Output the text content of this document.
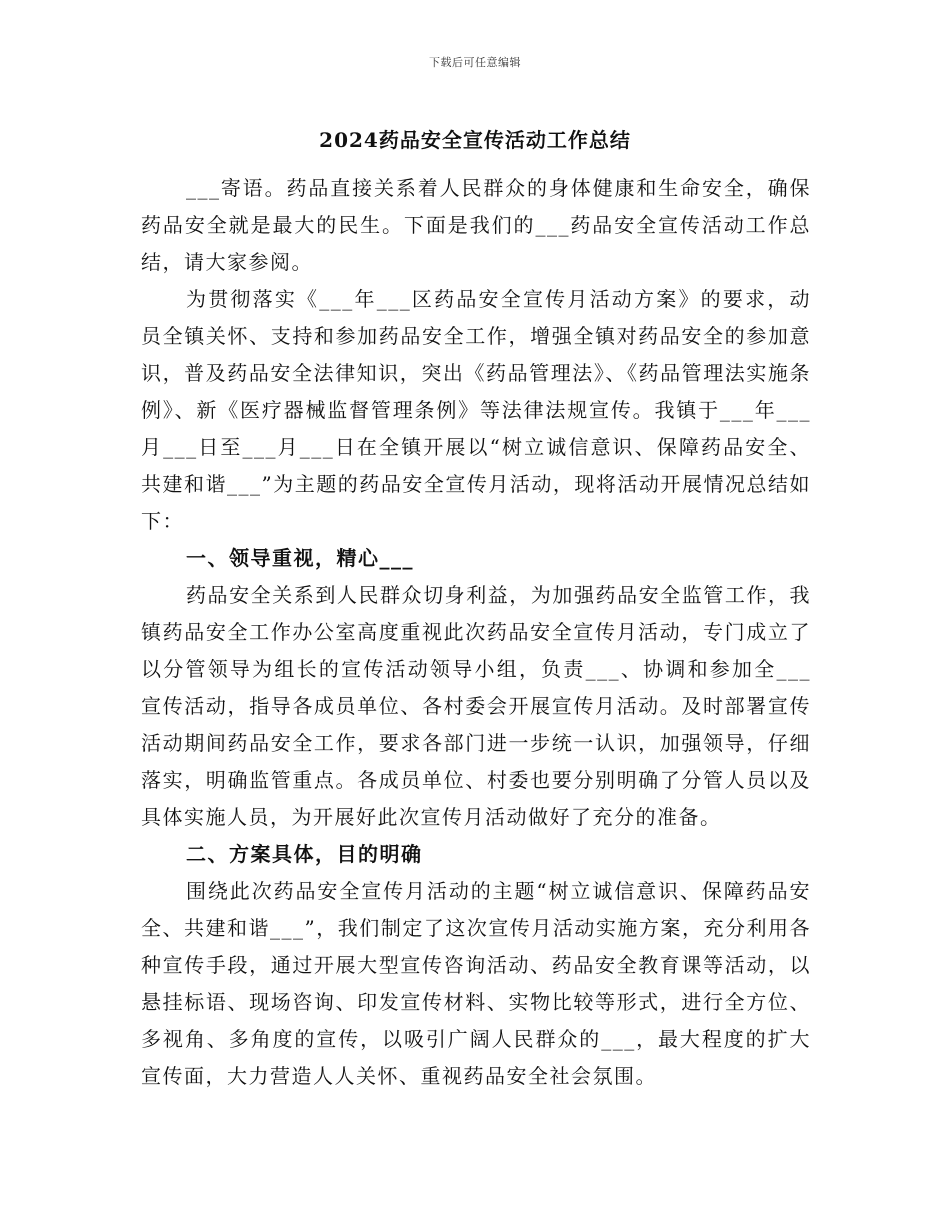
下载后可任意编辑
2024药品安全宣传活动工作总结

___寄语。药品直接关系着人民群众的身体健康和生命安全，确保药品安全就是最大的民生。下面是我们的___药品安全宣传活动工作总结，请大家参阅。

为贯彻落实《___年___区药品安全宣传月活动方案》的要求，动员全镇关怀、支持和参加药品安全工作，增强全镇对药品安全的参加意识，普及药品安全法律知识，突出《药品管理法》、《药品管理法实施条例》、新《医疗器械监督管理条例》等法律法规宣传。我镇于___年___月___日至___月___日在全镇开展以“树立诚信意识、保障药品安全、共建和谐___”为主题的药品安全宣传月活动，现将活动开展情况总结如下：

一、领导重视，精心___

药品安全关系到人民群众切身利益，为加强药品安全监管工作，我镇药品安全工作办公室高度重视此次药品安全宣传月活动，专门成立了以分管领导为组长的宣传活动领导小组，负责___、协调和参加全___宣传活动，指导各成员单位、各村委会开展宣传月活动。及时部署宣传活动期间药品安全工作，要求各部门进一步统一认识，加强领导，仔细落实，明确监管重点。各成员单位、村委也要分别明确了分管人员以及具体实施人员，为开展好此次宣传月活动做好了充分的准备。

二、方案具体，目的明确

围绕此次药品安全宣传月活动的主题“树立诚信意识、保障药品安全、共建和谐___”，我们制定了这次宣传月活动实施方案，充分利用各种宣传手段，通过开展大型宣传咨询活动、药品安全教育课等活动，以悬挂标语、现场咨询、印发宣传材料、实物比较等形式，进行全方位、多视角、多角度的宣传，以吸引广阔人民群众的___，最大程度的扩大宣传面，大力营造人人关怀、重视药品安全社会氛围。
